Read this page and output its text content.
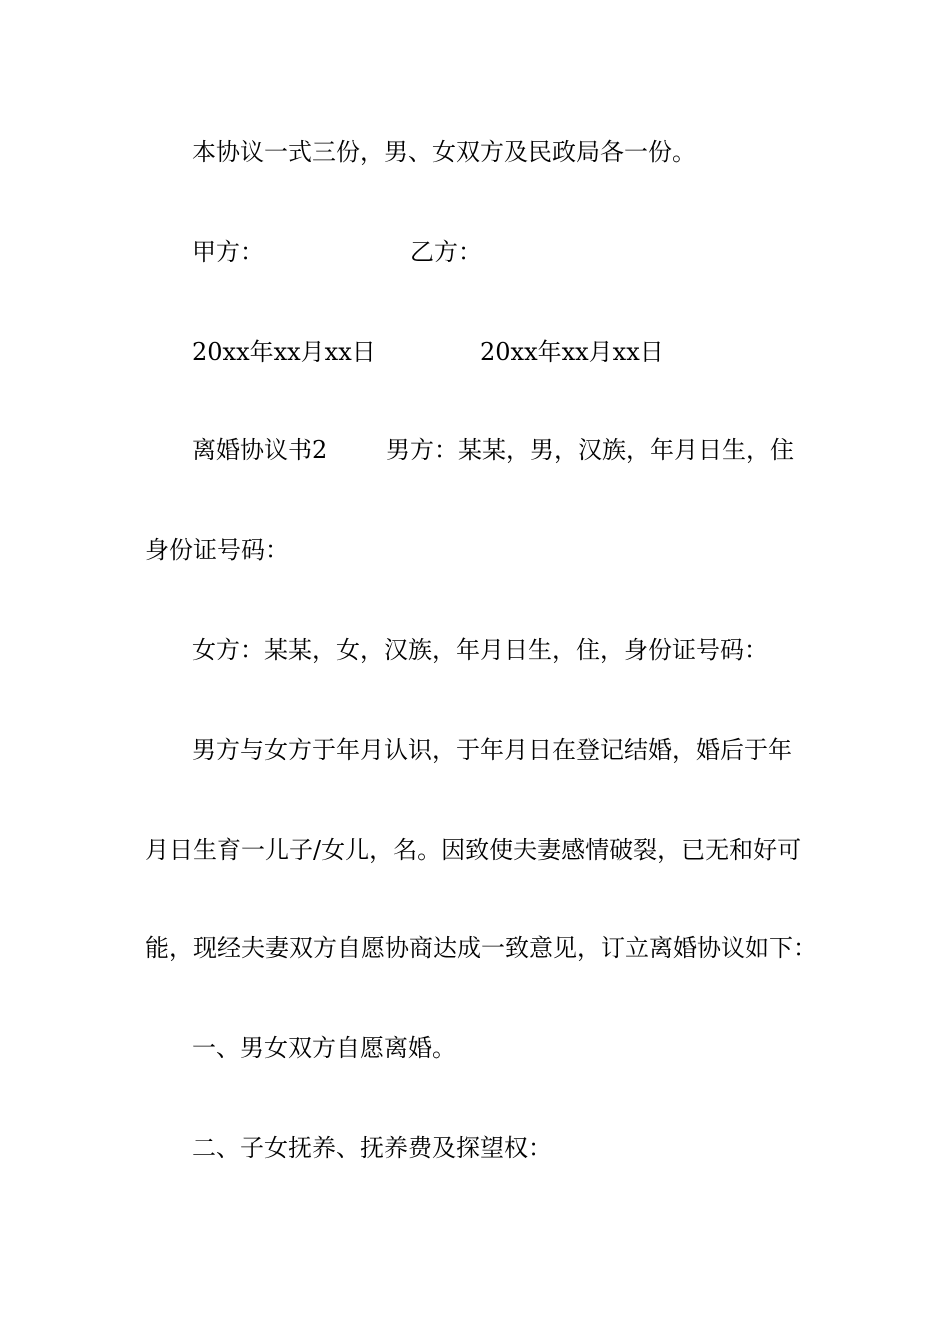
本协议一式三份，男、女双方及民政局各一份。
甲方：	乙方：
20xx年xx月xx日	20xx年xx月xx日
离婚协议书2 男方：某某，男，汉族，年月日生，住
身份证号码：
女方：某某，女，汉族，年月日生，住，身份证号码：
男方与女方于年月认识，于年月日在登记结婚，婚后于年
月日生育一儿子/女儿，名。因致使夫妻感情破裂，已无和好可
能，现经夫妻双方自愿协商达成一致意见，订立离婚协议如下：
一、男女双方自愿离婚。
二、子女抚养、抚养费及探望权：
